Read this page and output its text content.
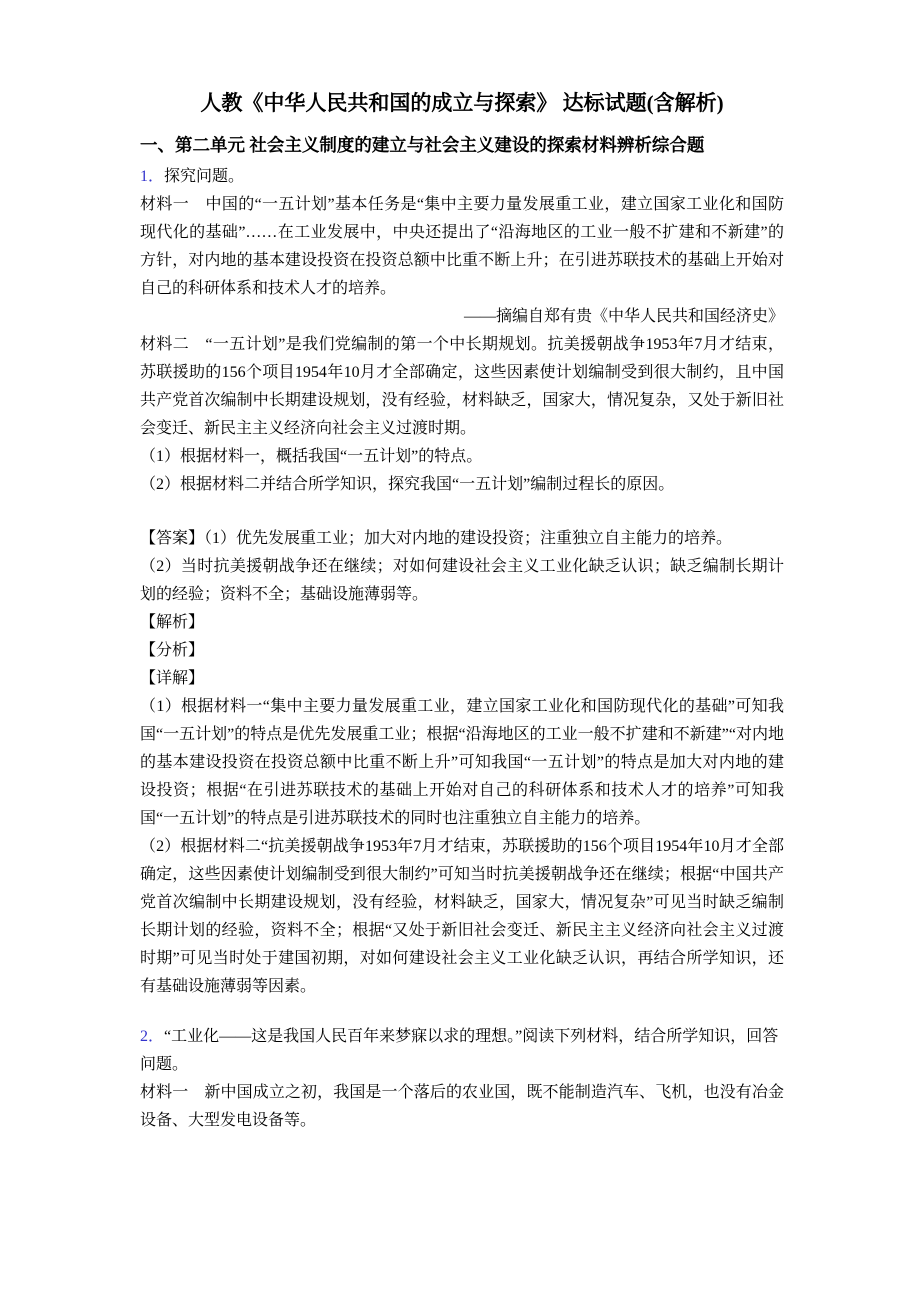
人教《中华人民共和国的成立与探索》 达标试题(含解析)
一、第二单元 社会主义制度的建立与社会主义建设的探索材料辨析综合题

1．探究问题。

材料一　中国的“一五计划”基本任务是“集中主要力量发展重工业，建立国家工业化和国防现代化的基础”……在工业发展中，中央还提出了“沿海地区的工业一般不扩建和不新建”的方针，对内地的基本建设投资在投资总额中比重不断上升；在引进苏联技术的基础上开始对自己的科研体系和技术人才的培养。

——摘编自郑有贵《中华人民共和国经济史》

材料二　“一五计划”是我们党编制的第一个中长期规划。抗美援朝战争1953年7月才结束，苏联援助的156个项目1954年10月才全部确定，这些因素使计划编制受到很大制约，且中国共产党首次编制中长期建设规划，没有经验，材料缺乏，国家大，情况复杂，又处于新旧社会变迁、新民主主义经济向社会主义过渡时期。

（1）根据材料一，概括我国“一五计划”的特点。

（2）根据材料二并结合所学知识，探究我国“一五计划”编制过程长的原因。

【答案】（1）优先发展重工业；加大对内地的建设投资；注重独立自主能力的培养。

（2）当时抗美援朝战争还在继续；对如何建设社会主义工业化缺乏认识；缺乏编制长期计划的经验；资料不全；基础设施薄弱等。

【解析】

【分析】

【详解】

（1）根据材料一“集中主要力量发展重工业，建立国家工业化和国防现代化的基础”可知我国“一五计划”的特点是优先发展重工业；根据“沿海地区的工业一般不扩建和不新建”“对内地的基本建设投资在投资总额中比重不断上升”可知我国“一五计划”的特点是加大对内地的建设投资；根据“在引进苏联技术的基础上开始对自己的科研体系和技术人才的培养”可知我国“一五计划”的特点是引进苏联技术的同时也注重独立自主能力的培养。

（2）根据材料二“抗美援朝战争1953年7月才结束，苏联援助的156个项目1954年10月才全部确定，这些因素使计划编制受到很大制约”可知当时抗美援朝战争还在继续；根据“中国共产党首次编制中长期建设规划，没有经验，材料缺乏，国家大，情况复杂”可见当时缺乏编制长期计划的经验，资料不全；根据“又处于新旧社会变迁、新民主主义经济向社会主义过渡时期”可见当时处于建国初期，对如何建设社会主义工业化缺乏认识，再结合所学知识，还有基础设施薄弱等因素。

2．“工业化——这是我国人民百年来梦寐以求的理想。”阅读下列材料，结合所学知识，回答问题。

材料一　新中国成立之初，我国是一个落后的农业国，既不能制造汽车、飞机，也没有冶金设备、大型发电设备等。
